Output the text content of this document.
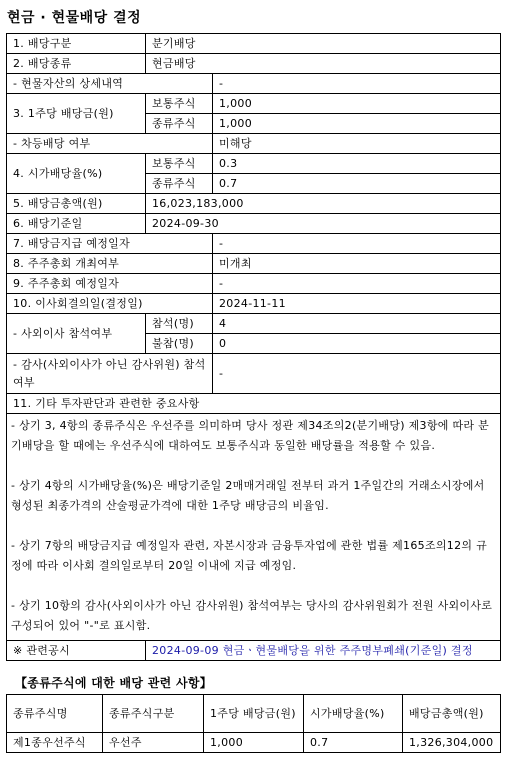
현금 · 현물배당 결정
1. 배당구분	분기배당	
2. 배당종류	현금배당	
- 현물자산의 상세내역		-
3. 1주당 배당금(원)	보통주식	1,000
	종류주식	1,000
- 차등배당 여부		미해당
4. 시가배당율(%)	보통주식	0.3
	종류주식	0.7
5. 배당금총액(원)	16,023,183,000	
6. 배당기준일	2024-09-30	
7. 배당금지급 예정일자		-
8. 주주총회 개최여부		미개최
9. 주주총회 예정일자		-
10. 이사회결의일(결정일)		2024-11-11
- 사외이사 참석여부	참석(명)	4
	불참(명)	0
- 감사(사외이사가 아닌 감사위원) 참석여부		-
11. 기타 투자판단과 관련한 중요사항		

- 상기 3, 4항의 종류주식은 우선주를 의미하며 당사 정관 제34조의2(분기배당) 제3항에 따라 분기배당을 할 때에는 우선주식에 대하여도 보통주식과 동일한 배당률을 적용할 수 있음.

- 상기 4항의 시가배당율(%)은 배당기준일 2매매거래일 전부터 과거 1주일간의 거래소시장에서 형성된 최종가격의 산술평균가격에 대한 1주당 배당금의 비율임.

- 상기 7항의 배당금지급 예정일자 관련, 자본시장과 금융투자업에 관한 법률 제165조의12의 규정에 따라 이사회 결의일로부터 20일 이내에 지급 예정임.

- 상기 10항의 감사(사외이사가 아닌 감사위원) 참석여부는 당사의 감사위원회가 전원 사외이사로 구성되어 있어 "-"로 표시함.		

※ 관련공시	2024-09-09 현금ㆍ현물배당을 위한 주주명부폐쇄(기준일) 결정	
【종류주식에 대한 배당 관련 사항】
종류주식명	종류주식구분	1주당 배당금(원)	시가배당율(%)	배당금총액(원)
제1종우선주식	우선주	1,000	0.7	1,326,304,000
